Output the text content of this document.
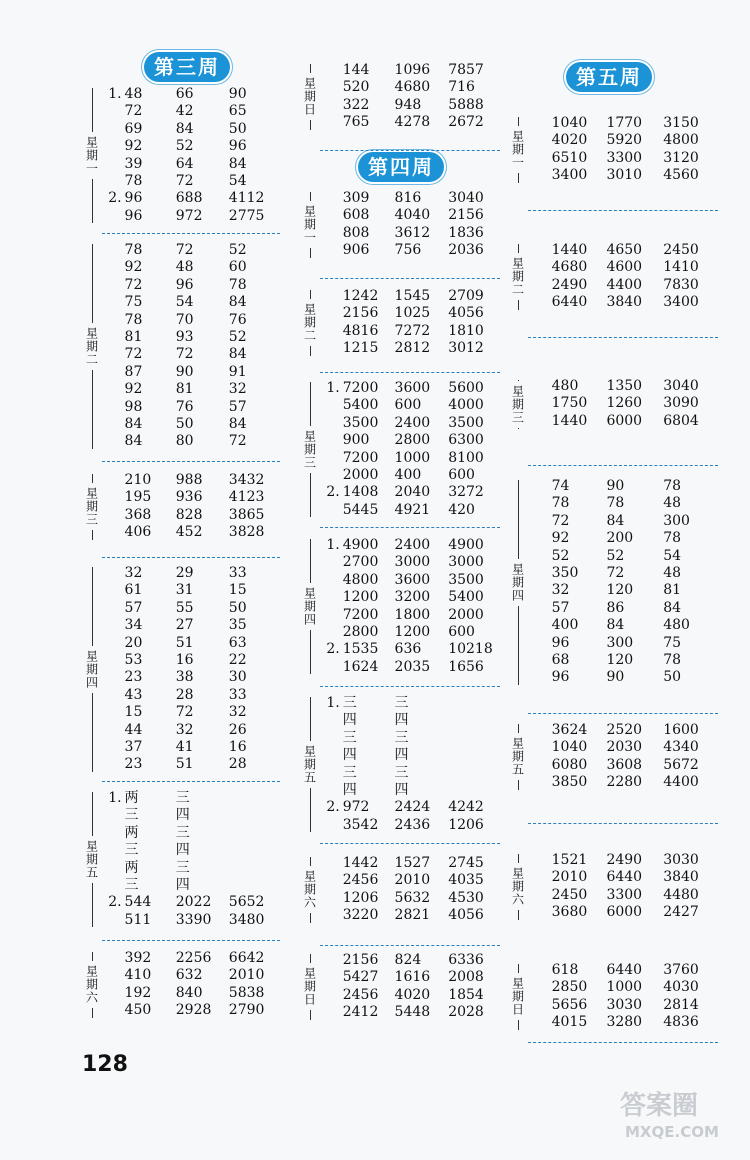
第三周
星期一
1. 48	66	90
72	42	65
69	84	50
92	52	96
39	64	84
78	72	54
2. 96	688	4112
96	972	2775
星期二
78	72	52
92	48	60
72	96	78
75	54	84
78	70	76
81	93	52
72	72	84
87	90	91
92	81	32
98	76	57
84	50	84
84	80	72
星期三
210	988	3432
195	936	4123
368	828	3865
406	452	3828
星期四
32	29	33
61	31	15
57	55	50
34	27	35
20	51	63
53	16	22
23	38	30
43	28	33
15	72	32
44	32	26
37	41	16
23	51	28
星期五
1. 两	三
三	四
两	三
三	四
两	三
三	四
2. 544	2022	5652
511	3390	3480
星期六
392	2256	6642
410	632	2010
192	840	5838
450	2928	2790
第四周
星期日
144	1096	7857
520	4680	716
322	948	5888
765	4278	2672
星期一
309	816	3040
608	4040	2156
808	3612	1836
906	756	2036
星期二
1242	1545	2709
2156	1025	4056
4816	7272	1810
1215	2812	3012
星期三
1. 7200	3600	5600
5400	600	4000
3500	2400	3500
900	2800	6300
7200	1000	8100
2000	400	600
2. 1408	2040	3272
5445	4921	420
星期四
1. 4900	2400	4900
2700	3000	3000
4800	3600	3500
1200	3200	5400
7200	1800	2000
2800	1200	600
2. 1535	636	10218
1624	2035	1656
星期五
1. 三	三
四	四
三	三
四	四
三	三
四	四
2. 972	2424	4242
3542	2436	1206
星期六
1442	1527	2745
2456	2010	4035
1206	5632	4530
3220	2821	4056
星期日
2156	824	6336
5427	1616	2008
2456	4020	1854
2412	5448	2028
第五周
星期一
1040	1770	3150
4020	5920	4800
6510	3300	3120
3400	3010	4560
星期二
1440	4650	2450
4680	4600	1410
2490	4400	7830
6440	3840	3400
星期三 480	1350	3040
1750	1260	3090
1440	6000	6804
星期四
74	90	78
78	78	48
72	84	300
92	200	78
52	52	54
350	72	48
32	120	81
57	86	84
400	84	480
96	300	75
68	120	78
96	90	50
星期五
3624	2520	1600
1040	2030	4340
6080	3608	5672
3850	2280	4400
星期六
1521	2490	3030
2010	6440	3840
2450	3300	4480
3680	6000	2427
星期日
618	6440	3760
2850	1000	4030
5656	3030	2814
4015	3280	4836
128
答案圈
MXQE.COM
